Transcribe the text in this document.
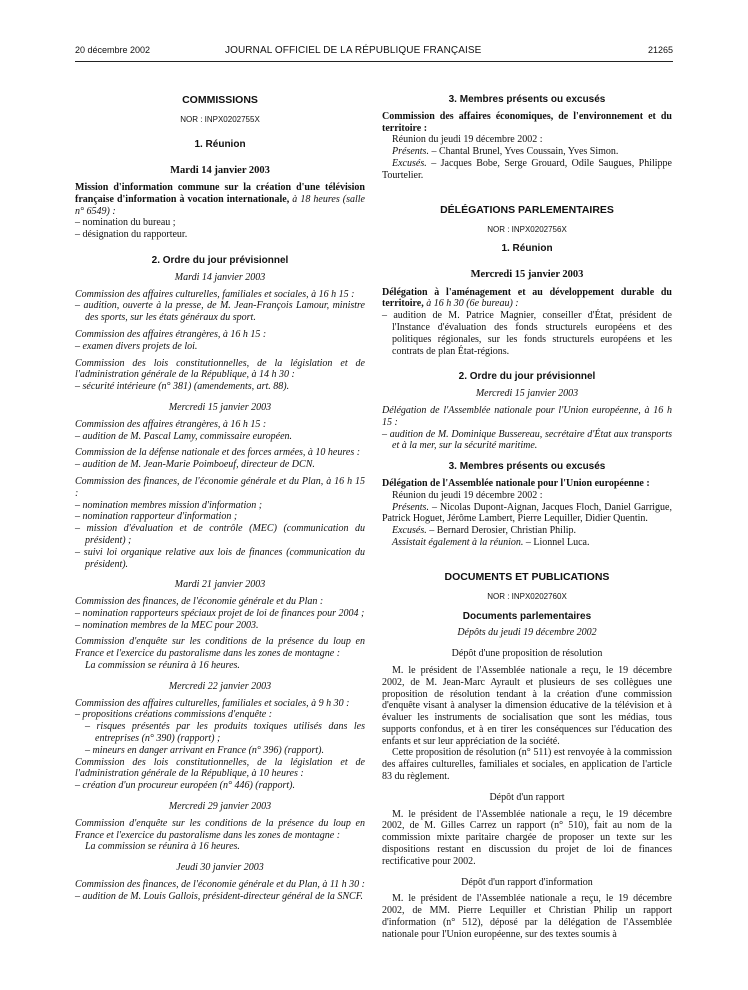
20 décembre 2002	JOURNAL OFFICIEL DE LA RÉPUBLIQUE FRANÇAISE	21265
COMMISSIONS
NOR : INPX0202755X
1. Réunion
Mardi 14 janvier 2003
Mission d'information commune sur la création d'une télévision française d'information à vocation internationale, à 18 heures (salle n° 6549) :
– nomination du bureau ;
– désignation du rapporteur.
2. Ordre du jour prévisionnel
Mardi 14 janvier 2003
Commission des affaires culturelles, familiales et sociales, à 16 h 15 :
– audition, ouverte à la presse, de M. Jean-François Lamour, ministre des sports, sur les états généraux du sport.
Commission des affaires étrangères, à 16 h 15 :
– examen divers projets de loi.
Commission des lois constitutionnelles, de la législation et de l'administration générale de la République, à 14 h 30 :
– sécurité intérieure (n° 381) (amendements, art. 88).
Mercredi 15 janvier 2003
Commission des affaires étrangères, à 16 h 15 :
– audition de M. Pascal Lamy, commissaire européen.
Commission de la défense nationale et des forces armées, à 10 heures :
– audition de M. Jean-Marie Poimboeuf, directeur de DCN.
Commission des finances, de l'économie générale et du Plan, à 16 h 15 :
– nomination membres mission d'information ;
– nomination rapporteur d'information ;
– mission d'évaluation et de contrôle (MEC) (communication du président) ;
– suivi loi organique relative aux lois de finances (communication du président).
Mardi 21 janvier 2003
Commission des finances, de l'économie générale et du Plan :
– nomination rapporteurs spéciaux projet de loi de finances pour 2004 ;
– nomination membres de la MEC pour 2003.
Commission d'enquête sur les conditions de la présence du loup en France et l'exercice du pastoralisme dans les zones de montagne :
La commission se réunira à 16 heures.
Mercredi 22 janvier 2003
Commission des affaires culturelles, familiales et sociales, à 9 h 30 :
– propositions créations commissions d'enquête :
– risques présentés par les produits toxiques utilisés dans les entreprises (n° 390) (rapport) ;
– mineurs en danger arrivant en France (n° 396) (rapport).
Commission des lois constitutionnelles, de la législation et de l'administration générale de la République, à 10 heures :
– création d'un procureur européen (n° 446) (rapport).
Mercredi 29 janvier 2003
Commission d'enquête sur les conditions de la présence du loup en France et l'exercice du pastoralisme dans les zones de montagne :
La commission se réunira à 16 heures.
Jeudi 30 janvier 2003
Commission des finances, de l'économie générale et du Plan, à 11 h 30 :
– audition de M. Louis Gallois, président-directeur général de la SNCF.
3. Membres présents ou excusés
Commission des affaires économiques, de l'environnement et du territoire :
Réunion du jeudi 19 décembre 2002 :
Présents. – Chantal Brunel, Yves Coussain, Yves Simon.
Excusés. – Jacques Bobe, Serge Grouard, Odile Saugues, Philippe Tourtelier.
DÉLÉGATIONS PARLEMENTAIRES
NOR : INPX0202756X
1. Réunion
Mercredi 15 janvier 2003
Délégation à l'aménagement et au développement durable du territoire, à 16 h 30 (6e bureau) :
– audition de M. Patrice Magnier, conseiller d'État, président de l'Instance d'évaluation des fonds structurels européens et des politiques régionales, sur les fonds structurels européens et les contrats de plan État-régions.
2. Ordre du jour prévisionnel
Mercredi 15 janvier 2003
Délégation de l'Assemblée nationale pour l'Union européenne, à 16 h 15 :
– audition de M. Dominique Bussereau, secrétaire d'État aux transports et à la mer, sur la sécurité maritime.
3. Membres présents ou excusés
Délégation de l'Assemblée nationale pour l'Union européenne :
Réunion du jeudi 19 décembre 2002 :
Présents. – Nicolas Dupont-Aignan, Jacques Floch, Daniel Garrigue, Patrick Hoguet, Jérôme Lambert, Pierre Lequiller, Didier Quentin.
Excusés. – Bernard Derosier, Christian Philip.
Assistait également à la réunion. – Lionnel Luca.
DOCUMENTS ET PUBLICATIONS
NOR : INPX0202760X
Documents parlementaires
Dépôts du jeudi 19 décembre 2002
Dépôt d'une proposition de résolution
M. le président de l'Assemblée nationale a reçu, le 19 décembre 2002, de M. Jean-Marc Ayrault et plusieurs de ses collègues une proposition de résolution tendant à la création d'une commission d'enquête visant à analyser la dimension éducative de la télévision et à évaluer les instruments de socialisation que sont les médias, tous supports confondus, et à en tirer les conséquences sur l'éducation des enfants et sur leur appréciation de la société.
Cette proposition de résolution (n° 511) est renvoyée à la commission des affaires culturelles, familiales et sociales, en application de l'article 83 du règlement.
Dépôt d'un rapport
M. le président de l'Assemblée nationale a reçu, le 19 décembre 2002, de M. Gilles Carrez un rapport (n° 510), fait au nom de la commission mixte paritaire chargée de proposer un texte sur les dispositions restant en discussion du projet de loi de finances rectificative pour 2002.
Dépôt d'un rapport d'information
M. le président de l'Assemblée nationale a reçu, le 19 décembre 2002, de MM. Pierre Lequiller et Christian Philip un rapport d'information (n° 512), déposé par la délégation de l'Assemblée nationale pour l'Union européenne, sur des textes soumis à
